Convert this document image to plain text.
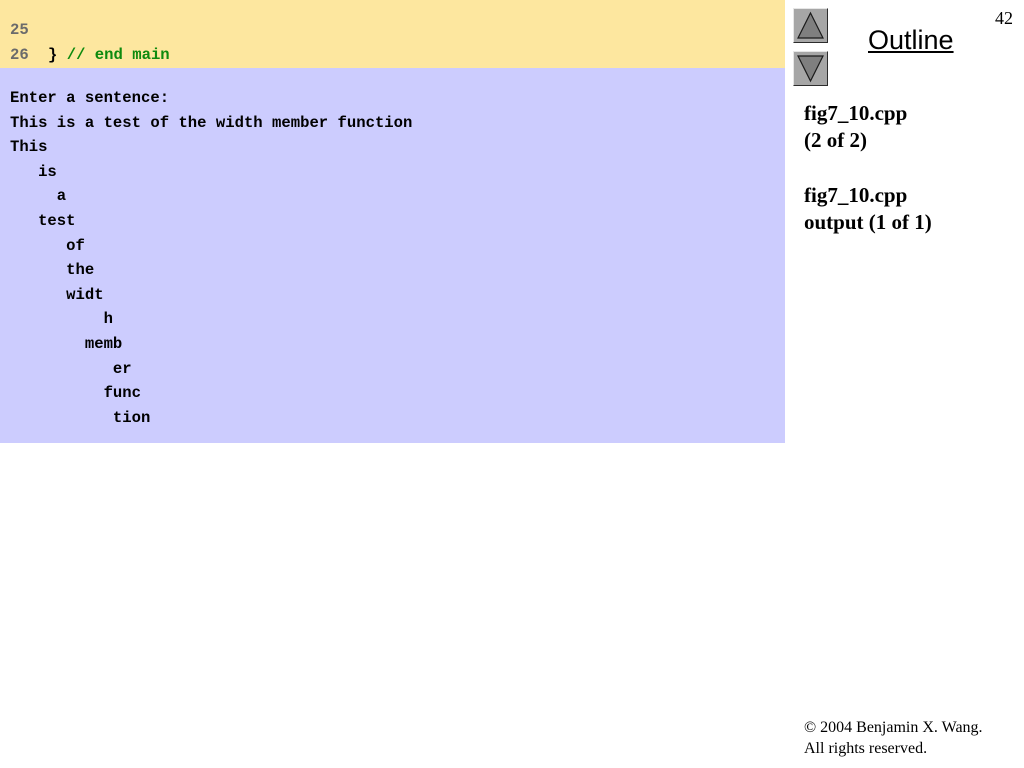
25
26 } // end main
Enter a sentence:
This is a test of the width member function
This
is
a
test
of
the
widt
h
memb
er
func
tion
Outline
42
fig7_10.cpp
(2 of 2)
fig7_10.cpp
output (1 of 1)
© 2004 Benjamin X. Wang.
All rights reserved.
